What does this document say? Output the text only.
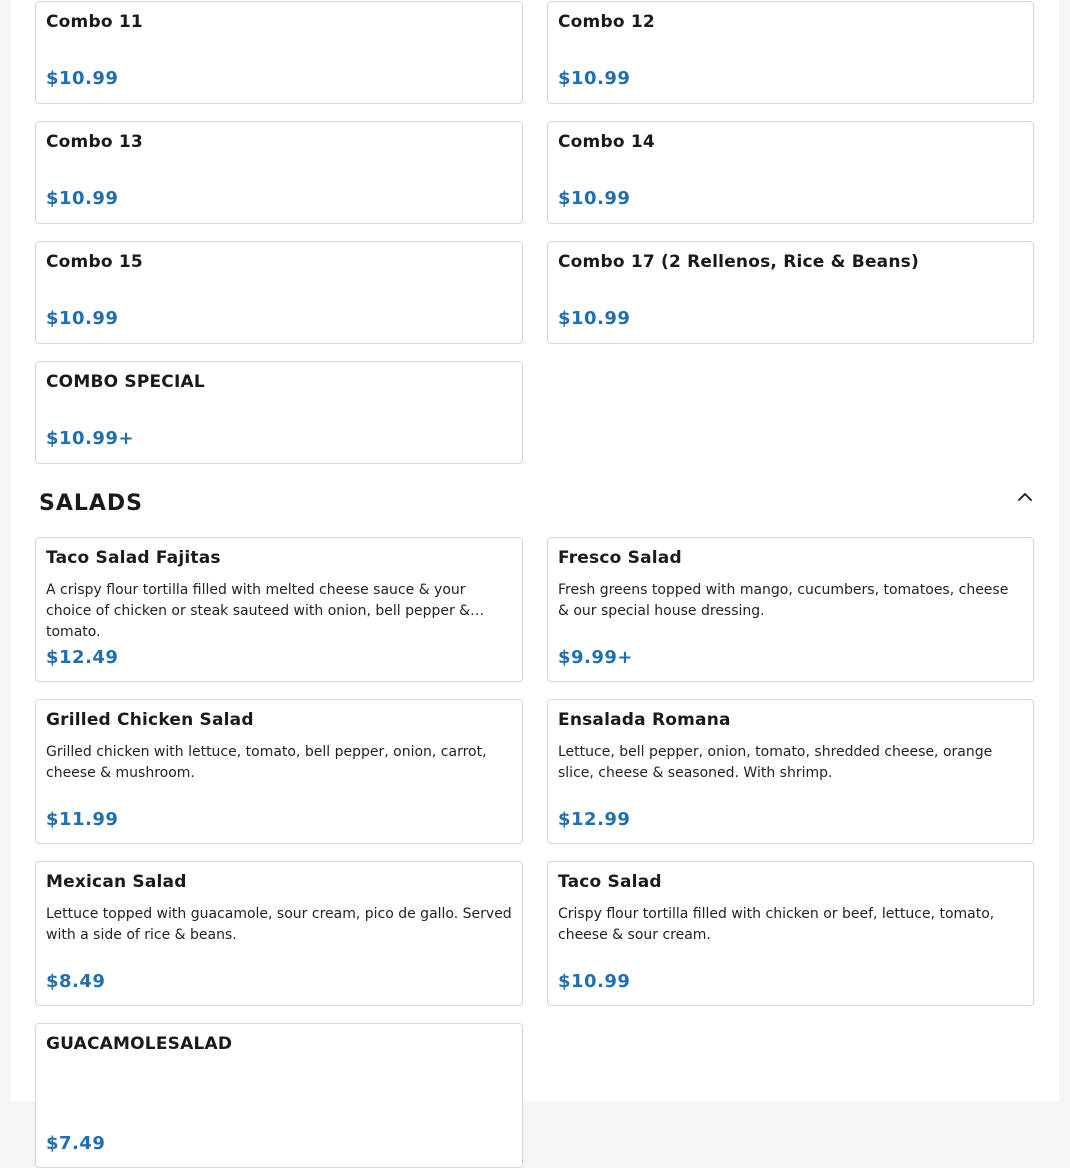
Combo 11
$10.99
Combo 12
$10.99
Combo 13
$10.99
Combo 14
$10.99
Combo 15
$10.99
Combo 17 (2 Rellenos, Rice & Beans)
$10.99
COMBO SPECIAL
$10.99+
SALADS
Taco Salad Fajitas
A crispy flour tortilla filled with melted cheese sauce & your choice of chicken or steak sauteed with onion, bell pepper & tomato.
$12.49
Fresco Salad
Fresh greens topped with mango, cucumbers, tomatoes, cheese & our special house dressing.
$9.99+
Grilled Chicken Salad
Grilled chicken with lettuce, tomato, bell pepper, onion, carrot, cheese & mushroom.
$11.99
Ensalada Romana
Lettuce, bell pepper, onion, tomato, shredded cheese, orange slice, cheese & seasoned. With shrimp.
$12.99
Mexican Salad
Lettuce topped with guacamole, sour cream, pico de gallo. Served with a side of rice & beans.
$8.49
Taco Salad
Crispy flour tortilla filled with chicken or beef, lettuce, tomato, cheese & sour cream.
$10.99
GUACAMOLESALAD
$7.49
